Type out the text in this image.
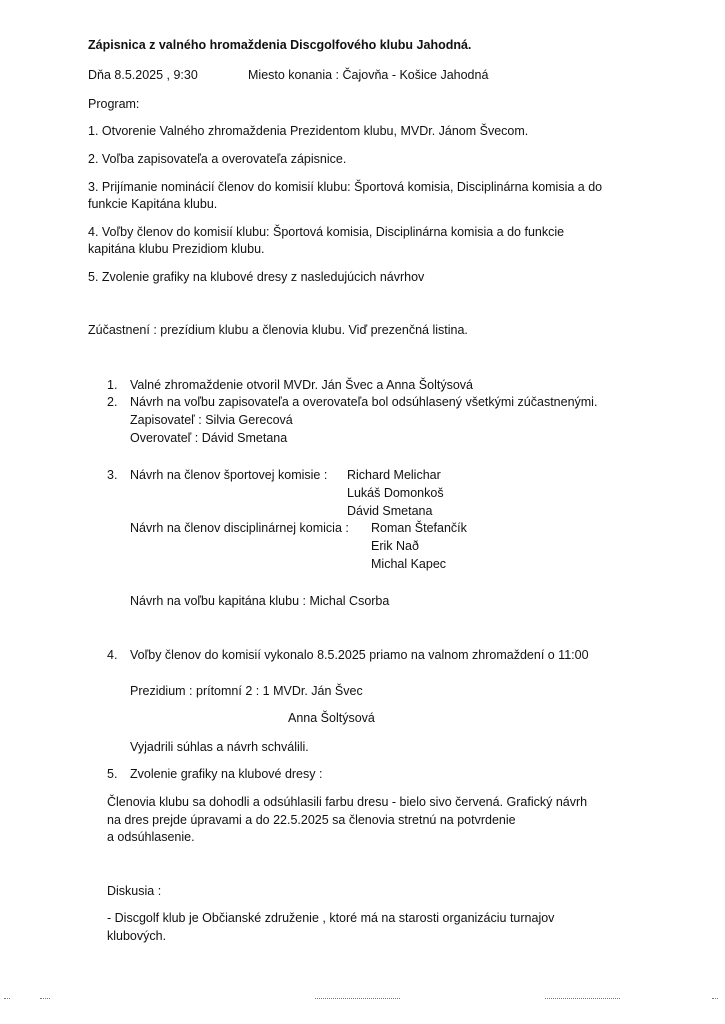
Zápisnica z valného hromaždenia Discgolfového klubu Jahodná.
Dňa 8.5.2025 , 9:30	Miesto konania : Čajovňa - Košice Jahodná
Program:
1. Otvorenie Valného zhromaždenia Prezidentom klubu, MVDr. Jánom Švecom.
2. Voľba zapisovateľa a overovateľa zápisnice.
3. Prijímanie nominácií členov do komisií klubu: Športová komisia, Disciplinárna komisia a do
funkcie Kapitána klubu.
4. Voľby členov do komisií klubu: Športová komisia, Disciplinárna komisia a do funkcie
kapitána klubu Prezidiom klubu.
5. Zvolenie grafiky na klubové dresy z nasledujúcich návrhov
Zúčastnení : prezídium klubu a členovia klubu. Viď prezenčná listina.
1. Valné zhromaždenie otvoril MVDr. Ján Švec a Anna Šoltýsová
2. Návrh na voľbu zapisovateľa a overovateľa bol odsúhlasený všetkými zúčastnenými.
Zapisovateľ : Silvia Gerecová
Overovateľ : Dávid Smetana
3. Návrh na členov športovej komisie : Richard Melichar
Lukáš Domonkoš
Dávid Smetana
Návrh na členov disciplinárnej komicia : Roman Štefančík
Erik Nað
Michal Kapec
Návrh na voľbu kapitána klubu : Michal Csorba
4. Voľby členov do komisií vykonalo 8.5.2025 priamo na valnom zhromaždení o 11:00
Prezidium : prítomní 2 : 1 MVDr. Ján Švec
Anna Šoltýsová
Vyjadrili súhlas a návrh schválili.
5. Zvolenie grafiky na klubové dresy :
Členovia klubu sa dohodli a odsúhlasili farbu dresu - bielo sivo červená. Grafický návrh
na dres prejde úpravami a do 22.5.2025 sa členovia stretnú na potvrdenie
a odsúhlasenie.
Diskusia :
- Discgolf klub je Občianské združenie , ktoré má na starosti organizáciu turnajov
klubových.
